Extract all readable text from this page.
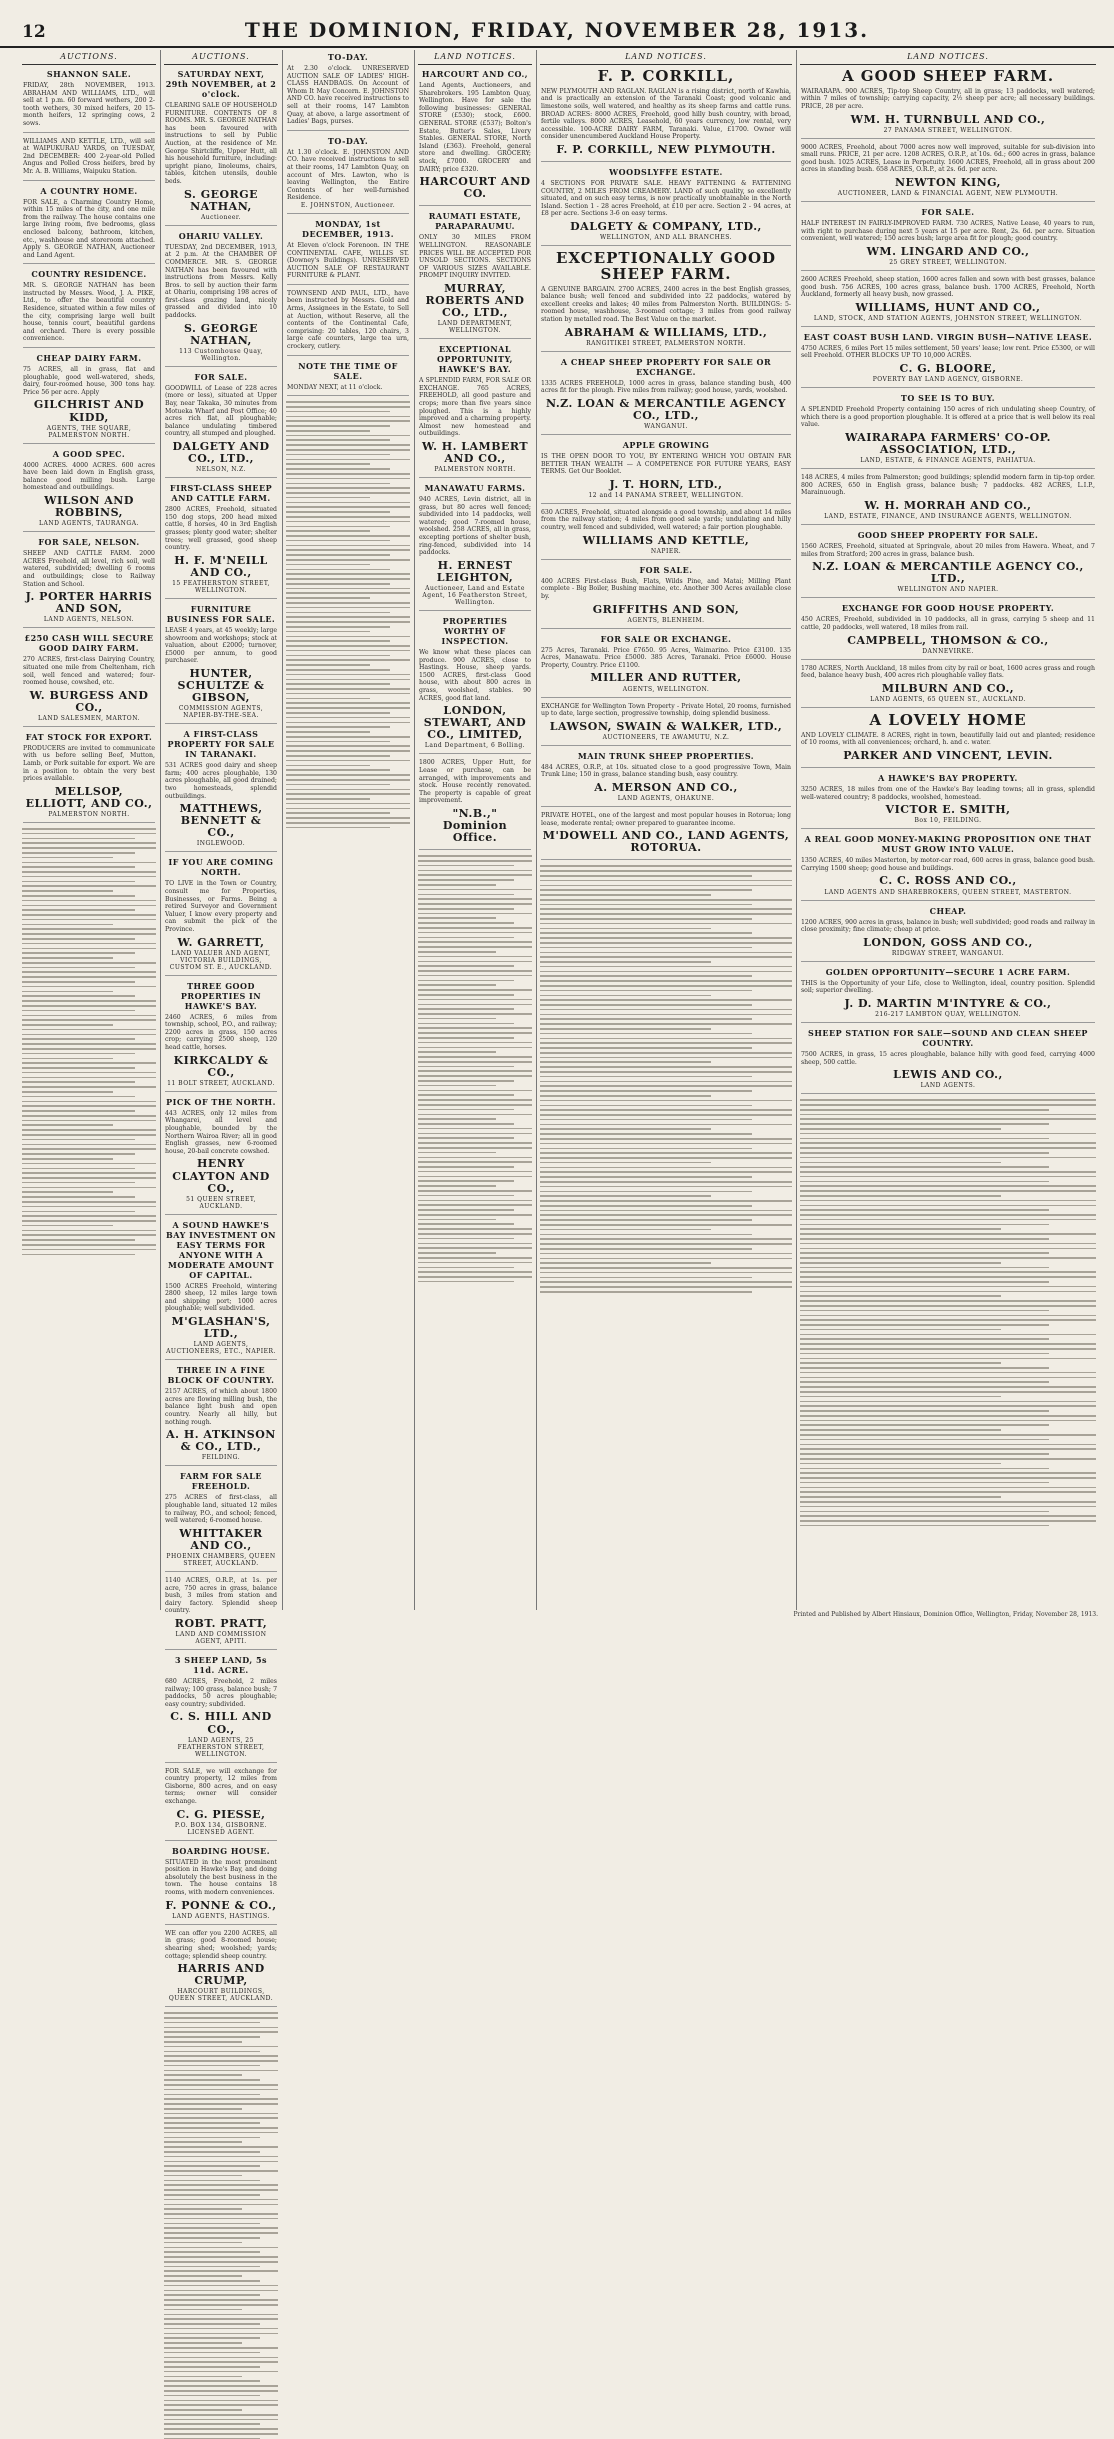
12	THE DOMINION, FRIDAY, NOVEMBER 28, 1913.
AUCTIONS.
SHANNON SALE.
FRIDAY, 28th NOVEMBER, 1913. ABRAHAM AND WILLIAMS, LTD., will sell at 1 p.m. 60 forward wethers, 200 2-tooth wethers, 30 mixed heifers, 20 15-month heifers, 12 springing cows, 2 sows.
WILLIAMS AND KETTLE, LTD., will sell at WAIPUKURAU YARDS, on TUESDAY, 2nd DECEMBER: 400 2-year-old Polled Angus and Polled Cross heifers, bred by Mr. A. B. Williams, Waipuku Station.
A COUNTRY HOME.
FOR SALE, a Charming Country Home, within 15 miles of the city, and one mile from the railway. The house contains one large living room, five bedrooms, glass enclosed balcony, bathroom, kitchen, etc., washhouse and storeroom attached. Apply S. GEORGE NATHAN, Auctioneer and Land Agent.
COUNTRY RESIDENCE.
MR. S. GEORGE NATHAN has been instructed by Messrs. Wood, J. A. PIKE, Ltd., to offer the beautiful country Residence, situated within a few miles of the city, comprising large well built house, tennis court, beautiful gardens and orchard. There is every possible convenience.
CHEAP DAIRY FARM.
75 ACRES, all in grass, flat and ploughable, good well-watered, sheds, dairy, four-roomed house, 300 tons hay. Price 56 per acre. Apply
GILCHRIST AND KIDD,
AGENTS, THE SQUARE, PALMERSTON NORTH.
A GOOD SPEC.
4000 ACRES. 4000 ACRES. 600 acres have been laid down in English grass, balance good milling bush. Large homestead and outbuildings.
WILSON AND ROBBINS,
LAND AGENTS, TAURANGA.
FOR SALE, NELSON.
SHEEP AND CATTLE FARM. 2000 ACRES Freehold, all level, rich soil, well watered, subdivided; dwelling 6 rooms and outbuildings; close to Railway Station and School.
J. PORTER HARRIS AND SON,
LAND AGENTS, NELSON.
£250 CASH WILL SECURE GOOD DAIRY FARM.
270 ACRES, first-class Dairying Country, situated one mile from Cheltenham, rich soil, well fenced and watered; four-roomed house, cowshed, etc.
W. BURGESS AND CO.,
LAND SALESMEN, MARTON.
FAT STOCK FOR EXPORT.
PRODUCERS are invited to communicate with us before selling Beef, Mutton, Lamb, or Pork suitable for export. We are in a position to obtain the very best prices available.
MELLSOP, ELLIOTT, AND CO.,
PALMERSTON NORTH.
AUCTIONS.
SATURDAY NEXT, 29th NOVEMBER, at 2 o'clock.
CLEARING SALE OF HOUSEHOLD FURNITURE. CONTENTS OF 8 ROOMS. MR. S. GEORGE NATHAN has been favoured with instructions to sell by Public Auction, at the residence of Mr. George Shirtcliffe, Upper Hutt, all his household furniture, including: upright piano, linoleums, chairs, tables, kitchen utensils, double beds.
S. GEORGE NATHAN,
Auctioneer.
OHARIU VALLEY.
TUESDAY, 2nd DECEMBER, 1913, at 2 p.m. At the CHAMBER OF COMMERCE. MR. S. GEORGE NATHAN has been favoured with instructions from Messrs. Kelly Bros. to sell by auction their farm at Ohariu, comprising 198 acres of first-class grazing land, nicely grassed and divided into 10 paddocks.
S. GEORGE NATHAN,
113 Customhouse Quay, Wellington.
FOR SALE.
GOODWILL of Lease of 228 acres (more or less), situated at Upper Bay, near Takaka, 30 minutes from Motueka Wharf and Post Office; 40 acres rich flat, all ploughable; balance undulating timbered country, all stumped and ploughed.
DALGETY AND CO., LTD.,
NELSON, N.Z.
FIRST-CLASS SHEEP AND CATTLE FARM.
2800 ACRES, Freehold, situated 150 dog stops, 200 head mixed cattle, 8 horses, 40 in 3rd English grasses; plenty good water; shelter trees; well grassed, good sheep country.
H. F. M'NEILL AND CO.,
15 FEATHERSTON STREET, WELLINGTON.
FURNITURE BUSINESS FOR SALE.
LEASE 4 years, at 45 weekly; large showroom and workshops; stock at valuation, about £2000; turnover, £5000 per annum, to good purchaser.
HUNTER, SCHULTZE & GIBSON,
COMMISSION AGENTS, NAPIER-BY-THE-SEA.
A FIRST-CLASS PROPERTY FOR SALE IN TARANAKI.
531 ACRES good dairy and sheep farm; 400 acres ploughable, 130 acres ploughable, all good drained; two homesteads, splendid outbuildings.
MATTHEWS, BENNETT & CO.,
INGLEWOOD.
IF YOU ARE COMING NORTH.
TO LIVE in the Town or Country, consult me for Properties, Businesses, or Farms. Being a retired Surveyor and Government Valuer, I know every property and can submit the pick of the Province.
W. GARRETT,
LAND VALUER AND AGENT, VICTORIA BUILDINGS, CUSTOM ST. E., AUCKLAND.
THREE GOOD PROPERTIES IN HAWKE'S BAY.
2460 ACRES, 6 miles from township, school, P.O., and railway; 2200 acres in grass, 150 acres crop; carrying 2500 sheep, 120 head cattle, horses.
KIRKCALDY & CO.,
11 BOLT STREET, AUCKLAND.
PICK OF THE NORTH.
443 ACRES, only 12 miles from Whangarei, all level and ploughable, bounded by the Northern Wairoa River; all in good English grasses, new 6-roomed house, 20-bail concrete cowshed.
HENRY CLAYTON AND CO.,
51 QUEEN STREET, AUCKLAND.
A SOUND HAWKE'S BAY INVESTMENT ON EASY TERMS FOR ANYONE WITH A MODERATE AMOUNT OF CAPITAL.
1500 ACRES Freehold, wintering 2800 sheep, 12 miles large town and shipping port; 1000 acres ploughable; well subdivided.
M'GLASHAN'S, LTD.,
LAND AGENTS, AUCTIONEERS, ETC., NAPIER.
THREE IN A FINE BLOCK OF COUNTRY.
2157 ACRES, of which about 1800 acres are flowing milling bush, the balance light bush and open country. Nearly all hilly, but nothing rough.
A. H. ATKINSON & CO., LTD.,
FEILDING.
FARM FOR SALE FREEHOLD.
275 ACRES of first-class, all ploughable land, situated 12 miles to railway, P.O., and school; fenced, well watered; 6-roomed house.
WHITTAKER AND CO.,
PHOENIX CHAMBERS, QUEEN STREET, AUCKLAND.
1140 ACRES, O.R.P., at 1s. per acre, 750 acres in grass, balance bush, 3 miles from station and dairy factory. Splendid sheep country.
ROBT. PRATT,
LAND AND COMMISSION AGENT, APITI.
3 SHEEP LAND, 5s 11d. ACRE.
680 ACRES, Freehold, 2 miles railway; 100 grass, balance bush; 7 paddocks, 50 acres ploughable; easy country; subdivided.
C. S. HILL AND CO.,
LAND AGENTS, 25 FEATHERSTON STREET, WELLINGTON.
FOR SALE, we will exchange for country property, 12 miles from Gisborne, 800 acres, and on easy terms; owner will consider exchange.
C. G. PIESSE,
P.O. BOX 134, GISBORNE. LICENSED AGENT.
BOARDING HOUSE.
SITUATED in the most prominent position in Hawke's Bay, and doing absolutely the best business in the town. The house contains 18 rooms, with modern conveniences.
F. PONNE & CO.,
LAND AGENTS, HASTINGS.
WE can offer you 2200 ACRES, all in grass; good 8-roomed house; shearing shed; woolshed; yards; cottage; splendid sheep country.
HARRIS AND CRUMP,
HARCOURT BUILDINGS, QUEEN STREET, AUCKLAND.
TO-DAY.
At 2.30 o'clock. UNRESERVED AUCTION SALE OF LADIES' HIGH-CLASS HANDBAGS. On Account of Whom It May Concern. E. JOHNSTON AND CO. have received instructions to sell at their rooms, 147 Lambton Quay, at above, a large assortment of Ladies' Bags, purses.
TO-DAY.
At 1.30 o'clock. E. JOHNSTON AND CO. have received instructions to sell at their rooms, 147 Lambton Quay, on account of Mrs. Lawton, who is leaving Wellington, the Entire Contents of her well-furnished Residence.
E. JOHNSTON, Auctioneer.
MONDAY, 1st DECEMBER, 1913.
At Eleven o'clock Forenoon. IN THE CONTINENTAL CAFE, WILLIS ST. (Downey's Buildings). UNRESERVED AUCTION SALE OF RESTAURANT FURNITURE & PLANT.
TOWNSEND AND PAUL, LTD., have been instructed by Messrs. Gold and Arms, Assignees in the Estate, to Sell at Auction, without Reserve, all the contents of the Continental Cafe, comprising: 20 tables, 120 chairs, 3 large cafe counters, large tea urn, crockery, cutlery.
NOTE THE TIME OF SALE.
MONDAY NEXT, at 11 o'clock.
LAND NOTICES.
HARCOURT AND CO.,
Land Agents, Auctioneers, and Sharebrokers. 195 Lambton Quay, Wellington. Have for sale the following businesses: GENERAL STORE (£530); stock, £600. GENERAL STORE (£537); Bolton's Estate, Butter's Sales, Livery Stables. GENERAL STORE, North Island (£363). Freehold, general store and dwelling. GROCERY; stock, £7000. GROCERY and DAIRY; price £320.
HARCOURT AND CO.
RAUMATI ESTATE, PARAPARAUMU.
ONLY 30 MILES FROM WELLINGTON. REASONABLE PRICES WILL BE ACCEPTED FOR UNSOLD SECTIONS. SECTIONS OF VARIOUS SIZES AVAILABLE. PROMPT INQUIRY INVITED.
MURRAY, ROBERTS AND CO., LTD.,
LAND DEPARTMENT, WELLINGTON.
EXCEPTIONAL OPPORTUNITY, HAWKE'S BAY.
A SPLENDID FARM, FOR SALE OR EXCHANGE. 765 ACRES, FREEHOLD, all good pasture and crops; more than five years since ploughed. This is a highly improved and a charming property. Almost new homestead and outbuildings.
W. H. LAMBERT AND CO.,
PALMERSTON NORTH.
MANAWATU FARMS.
940 ACRES, Levin district, all in grass, but 80 acres well fenced; subdivided into 14 paddocks, well watered; good 7-roomed house, woolshed. 258 ACRES, all in grass, excepting portions of shelter bush, ring-fenced, subdivided into 14 paddocks.
H. ERNEST LEIGHTON,
Auctioneer, Land and Estate Agent, 16 Featherston Street, Wellington.
PROPERTIES WORTHY OF INSPECTION.
We know what these places can produce. 900 ACRES, close to Hastings. House, sheep yards. 1500 ACRES, first-class Good house, with about 800 acres in grass, woolshed, stables. 90 ACRES, good flat land.
LONDON, STEWART, AND CO., LIMITED,
Land Department, 6 Bolling.
1800 ACRES, Upper Hutt, for Lease or purchase, can be arranged, with improvements and stock. House recently renovated. The property is capable of great improvement.
"N.B.," Dominion Office.
LAND NOTICES.
F. P. CORKILL,
NEW PLYMOUTH AND RAGLAN. RAGLAN is a rising district, north of Kawhia, and is practically an extension of the Taranaki Coast; good volcanic and limestone soils, well watered, and healthy as its sheep farms and cattle runs. BROAD ACRES: 8000 ACRES, Freehold, good hilly bush country, with broad, fertile valleys. 8000 ACRES, Leasehold, 60 years currency, low rental, very accessible. 100-ACRE DAIRY FARM, Taranaki. Value, £1700. Owner will consider unencumbered Auckland House Property.
F. P. CORKILL, NEW PLYMOUTH.
WOODSLYFFE ESTATE.
4 SECTIONS FOR PRIVATE SALE. HEAVY FATTENING & FATTENING COUNTRY, 2 MILES FROM CREAMERY. LAND of such quality, so excellently situated, and on such easy terms, is now practically unobtainable in the North Island. Section 1 - 28 acres Freehold, at £10 per acre. Section 2 - 94 acres, at £8 per acre. Sections 3-6 on easy terms.
DALGETY & COMPANY, LTD.,
WELLINGTON, AND ALL BRANCHES.
EXCEPTIONALLY GOOD SHEEP FARM.
A GENUINE BARGAIN. 2700 ACRES, 2400 acres in the best English grasses, balance bush; well fenced and subdivided into 22 paddocks, watered by excellent creeks and lakes; 40 miles from Palmerston North. BUILDINGS: 5-roomed house, washhouse, 3-roomed cottage; 3 miles from good railway station by metalled road. The Best Value on the market.
ABRAHAM & WILLIAMS, LTD.,
RANGITIKEI STREET, PALMERSTON NORTH.
A CHEAP SHEEP PROPERTY FOR SALE OR EXCHANGE.
1335 ACRES FREEHOLD, 1000 acres in grass, balance standing bush, 400 acres fit for the plough. Five miles from railway; good house, yards, woolshed.
N.Z. LOAN & MERCANTILE AGENCY CO., LTD.,
WANGANUI.
APPLE GROWING
IS THE OPEN DOOR TO YOU, BY ENTERING WHICH YOU OBTAIN FAR BETTER THAN WEALTH — A COMPETENCE FOR FUTURE YEARS, EASY TERMS. Get Our Booklet.
J. T. HORN, LTD.,
12 and 14 PANAMA STREET, WELLINGTON.
630 ACRES, Freehold, situated alongside a good township, and about 14 miles from the railway station; 4 miles from good sale yards; undulating and hilly country, well fenced and subdivided, well watered; a fair portion ploughable.
WILLIAMS AND KETTLE,
NAPIER.
FOR SALE.
400 ACRES First-class Bush, Flats, Wilds Pine, and Matai; Milling Plant complete - Big Boiler, Bushing machine, etc. Another 300 Acres available close by.
GRIFFITHS AND SON,
AGENTS, BLENHEIM.
FOR SALE OR EXCHANGE.
275 Acres, Taranaki. Price £7650. 95 Acres, Waimarino. Price £3100. 135 Acres, Manawatu. Price £5000. 385 Acres, Taranaki. Price £6000. House Property, Country. Price £1100.
MILLER AND RUTTER,
AGENTS, WELLINGTON.
EXCHANGE for Wellington Town Property - Private Hotel, 20 rooms, furnished up to date, large section, progressive township, doing splendid business.
LAWSON, SWAIN & WALKER, LTD.,
AUCTIONEERS, TE AWAMUTU, N.Z.
MAIN TRUNK SHEEP PROPERTIES.
484 ACRES, O.R.P., at 10s. situated close to a good progressive Town, Main Trunk Line; 150 in grass, balance standing bush, easy country.
A. MERSON AND CO.,
LAND AGENTS, OHAKUNE.
PRIVATE HOTEL, one of the largest and most popular houses in Rotorua; long lease, moderate rental; owner prepared to guarantee income.
M'DOWELL AND CO., LAND AGENTS, ROTORUA.
LAND NOTICES.
A GOOD SHEEP FARM.
WAIRARAPA. 900 ACRES, Tip-top Sheep Country, all in grass; 13 paddocks, well watered; within 7 miles of township; carrying capacity, 2½ sheep per acre; all necessary buildings. PRICE, 28 per acre.
WM. H. TURNBULL AND CO.,
27 PANAMA STREET, WELLINGTON.
9000 ACRES, Freehold, about 7000 acres now well improved, suitable for sub-division into small runs. PRICE, 21 per acre. 1208 ACRES, O.R.P., at 10s. 6d.; 600 acres in grass, balance good bush. 1025 ACRES, Lease in Perpetuity. 1600 ACRES, Freehold, all in grass about 200 acres in standing bush. 658 ACRES, O.R.P., at 2s. 6d. per acre.
NEWTON KING,
AUCTIONEER, LAND & FINANCIAL AGENT, NEW PLYMOUTH.
FOR SALE.
HALF INTEREST IN FAIRLY-IMPROVED FARM. 730 ACRES, Native Lease, 40 years to run, with right to purchase during next 5 years at 15 per acre. Rent, 2s. 6d. per acre. Situation convenient, well watered; 150 acres bush; large area fit for plough; good country.
WM. LINGARD AND CO.,
25 GREY STREET, WELLINGTON.
2600 ACRES Freehold, sheep station, 1600 acres fallen and sown with best grasses, balance good bush. 756 ACRES, 100 acres grass, balance bush. 1700 ACRES, Freehold, North Auckland, formerly all heavy bush, now grassed.
WILLIAMS, HUNT AND CO.,
LAND, STOCK, AND STATION AGENTS, JOHNSTON STREET, WELLINGTON.
EAST COAST BUSH LAND. VIRGIN BUSH—NATIVE LEASE.
4750 ACRES, 6 miles Port 15 miles settlement, 50 years' lease; low rent. Price £5300, or will sell Freehold. OTHER BLOCKS UP TO 10,000 ACRES.
C. G. BLOORE,
POVERTY BAY LAND AGENCY, GISBORNE.
TO SEE IS TO BUY.
A SPLENDID Freehold Property containing 150 acres of rich undulating sheep Country, of which there is a good proportion ploughable. It is offered at a price that is well below its real value.
WAIRARAPA FARMERS' CO-OP. ASSOCIATION, LTD.,
LAND, ESTATE, & FINANCE AGENTS, PAHIATUA.
148 ACRES, 4 miles from Palmerston; good buildings; splendid modern farm in tip-top order. 800 ACRES, 650 in English grass, balance bush; 7 paddocks. 482 ACRES, L.I.P., Marainuough.
W. H. MORRAH AND CO.,
LAND, ESTATE, FINANCE, AND INSURANCE AGENTS, WELLINGTON.
GOOD SHEEP PROPERTY FOR SALE.
1560 ACRES, Freehold, situated at Springvale, about 20 miles from Hawera. Wheat, and 7 miles from Stratford; 200 acres in grass, balance bush.
N.Z. LOAN & MERCANTILE AGENCY CO., LTD.,
WELLINGTON AND NAPIER.
EXCHANGE FOR GOOD HOUSE PROPERTY.
450 ACRES, Freehold, subdivided in 10 paddocks, all in grass, carrying 5 sheep and 11 cattle, 20 paddocks, well watered, 18 miles from rail.
CAMPBELL, THOMSON & CO.,
DANNEVIRKE.
1780 ACRES, North Auckland, 18 miles from city by rail or boat, 1600 acres grass and rough feed, balance heavy bush, 400 acres rich ploughable valley flats.
MILBURN AND CO.,
LAND AGENTS, 65 QUEEN ST., AUCKLAND.
A LOVELY HOME
AND LOVELY CLIMATE. 8 ACRES, right in town, beautifully laid out and planted; residence of 10 rooms, with all conveniences; orchard, h. and c. water.
PARKER AND VINCENT, LEVIN.
A HAWKE'S BAY PROPERTY.
3250 ACRES, 18 miles from one of the Hawke's Bay leading towns; all in grass, splendid well-watered country; 8 paddocks, woolshed, homestead.
VICTOR E. SMITH,
Box 10, FEILDING.
A REAL GOOD MONEY-MAKING PROPOSITION ONE THAT MUST GROW INTO VALUE.
1350 ACRES, 40 miles Masterton, by motor-car road, 600 acres in grass, balance good bush. Carrying 1500 sheep; good house and buildings.
C. C. ROSS AND CO.,
LAND AGENTS AND SHAREBROKERS, QUEEN STREET, MASTERTON.
CHEAP.
1200 ACRES, 900 acres in grass, balance in bush; well subdivided; good roads and railway in close proximity; fine climate; cheap at price.
LONDON, GOSS AND CO.,
RIDGWAY STREET, WANGANUI.
GOLDEN OPPORTUNITY—SECURE 1 ACRE FARM.
THIS is the Opportunity of your Life, close to Wellington, ideal, country position. Splendid soil; superior dwelling.
J. D. MARTIN M'INTYRE & CO.,
216-217 LAMBTON QUAY, WELLINGTON.
SHEEP STATION FOR SALE—SOUND AND CLEAN SHEEP COUNTRY.
7500 ACRES, in grass, 15 acres ploughable, balance hilly with good feed, carrying 4000 sheep, 500 cattle.
LEWIS AND CO.,
LAND AGENTS.
Printed and Published by Albert Hinsiaux, Dominion Office, Wellington, Friday, November 28, 1913.
